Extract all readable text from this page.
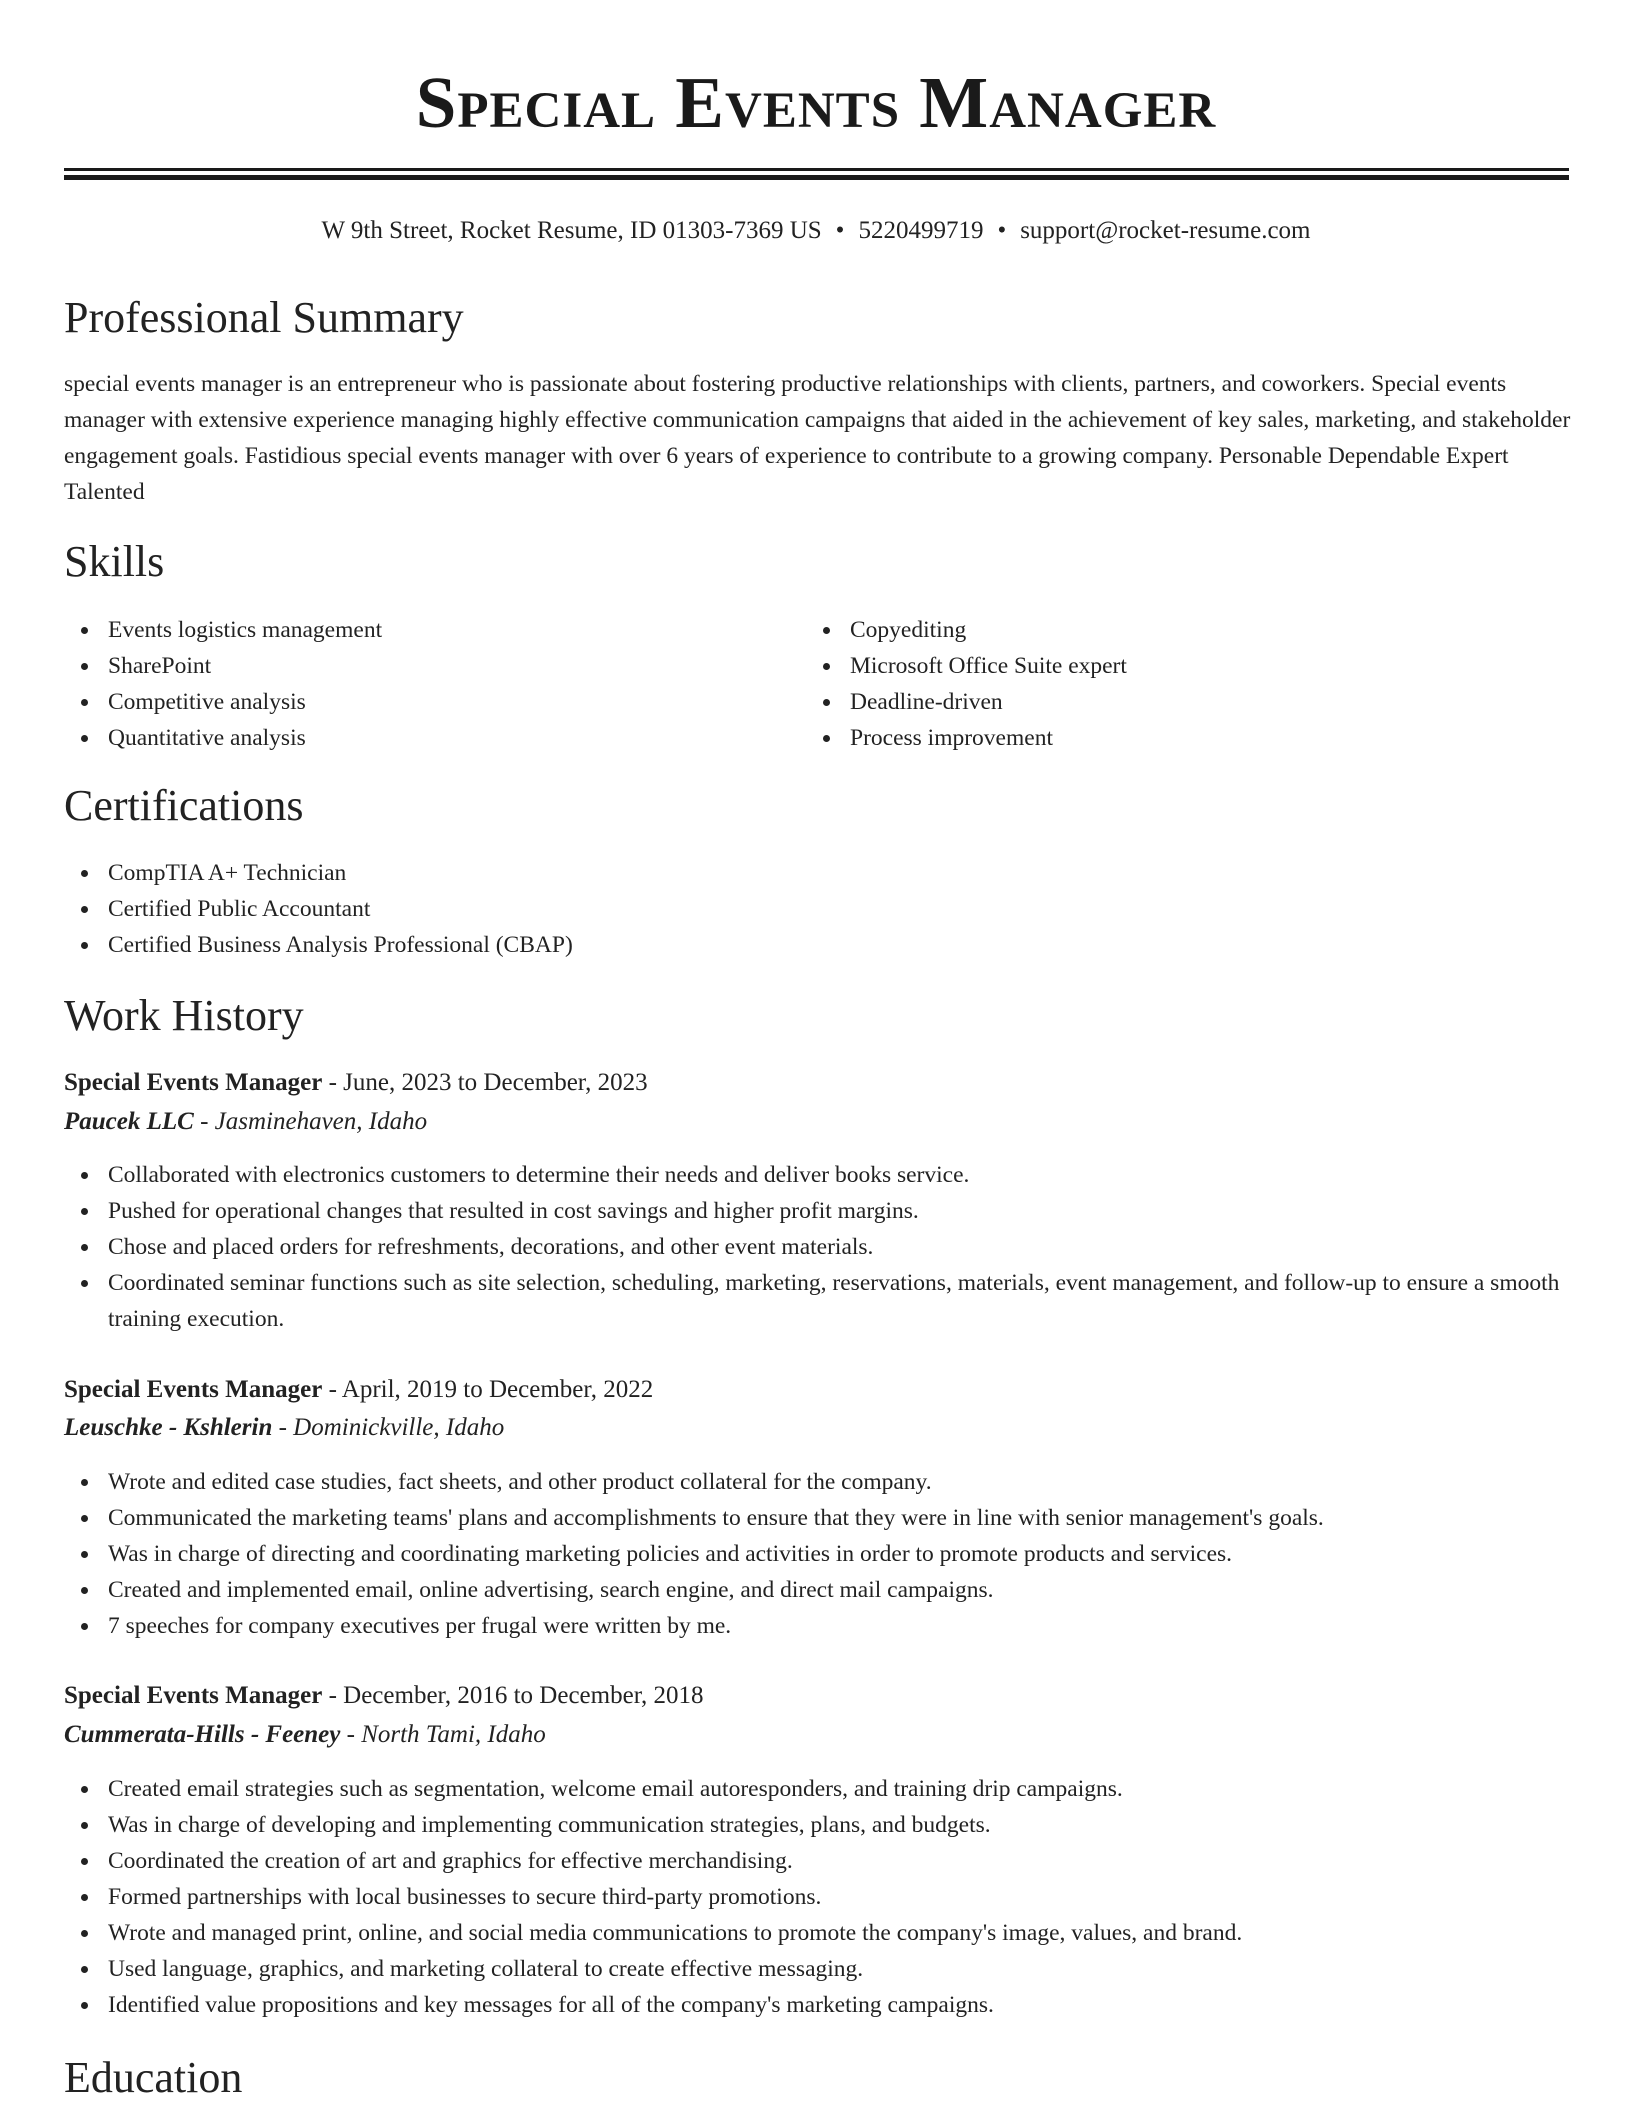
Special Events Manager
W 9th Street, Rocket Resume, ID 01303-7369 US • 5220499719 • support@rocket-resume.com
Professional Summary

special events manager is an entrepreneur who is passionate about fostering productive relationships with clients, partners, and coworkers. Special events manager with extensive experience managing highly effective communication campaigns that aided in the achievement of key sales, marketing, and stakeholder engagement goals. Fastidious special events manager with over 6 years of experience to contribute to a growing company. Personable Dependable Expert Talented

Skills
Events logistics management
SharePoint
Competitive analysis
Quantitative analysis
Copyediting
Microsoft Office Suite expert
Deadline-driven
Process improvement
Certifications
CompTIA A+ Technician
Certified Public Accountant
Certified Business Analysis Professional (CBAP)
Work History
Special Events Manager - June, 2023 to December, 2023
Paucek LLC - Jasminehaven, Idaho
Collaborated with electronics customers to determine their needs and deliver books service.
Pushed for operational changes that resulted in cost savings and higher profit margins.
Chose and placed orders for refreshments, decorations, and other event materials.
Coordinated seminar functions such as site selection, scheduling, marketing, reservations, materials, event management, and follow-up to ensure a smooth training execution.
Special Events Manager - April, 2019 to December, 2022
Leuschke - Kshlerin - Dominickville, Idaho
Wrote and edited case studies, fact sheets, and other product collateral for the company.
Communicated the marketing teams' plans and accomplishments to ensure that they were in line with senior management's goals.
Was in charge of directing and coordinating marketing policies and activities in order to promote products and services.
Created and implemented email, online advertising, search engine, and direct mail campaigns.
7 speeches for company executives per frugal were written by me.
Special Events Manager - December, 2016 to December, 2018
Cummerata-Hills - Feeney - North Tami, Idaho
Created email strategies such as segmentation, welcome email autoresponders, and training drip campaigns.
Was in charge of developing and implementing communication strategies, plans, and budgets.
Coordinated the creation of art and graphics for effective merchandising.
Formed partnerships with local businesses to secure third-party promotions.
Wrote and managed print, online, and social media communications to promote the company's image, values, and brand.
Used language, graphics, and marketing collateral to create effective messaging.
Identified value propositions and key messages for all of the company's marketing campaigns.
Education
